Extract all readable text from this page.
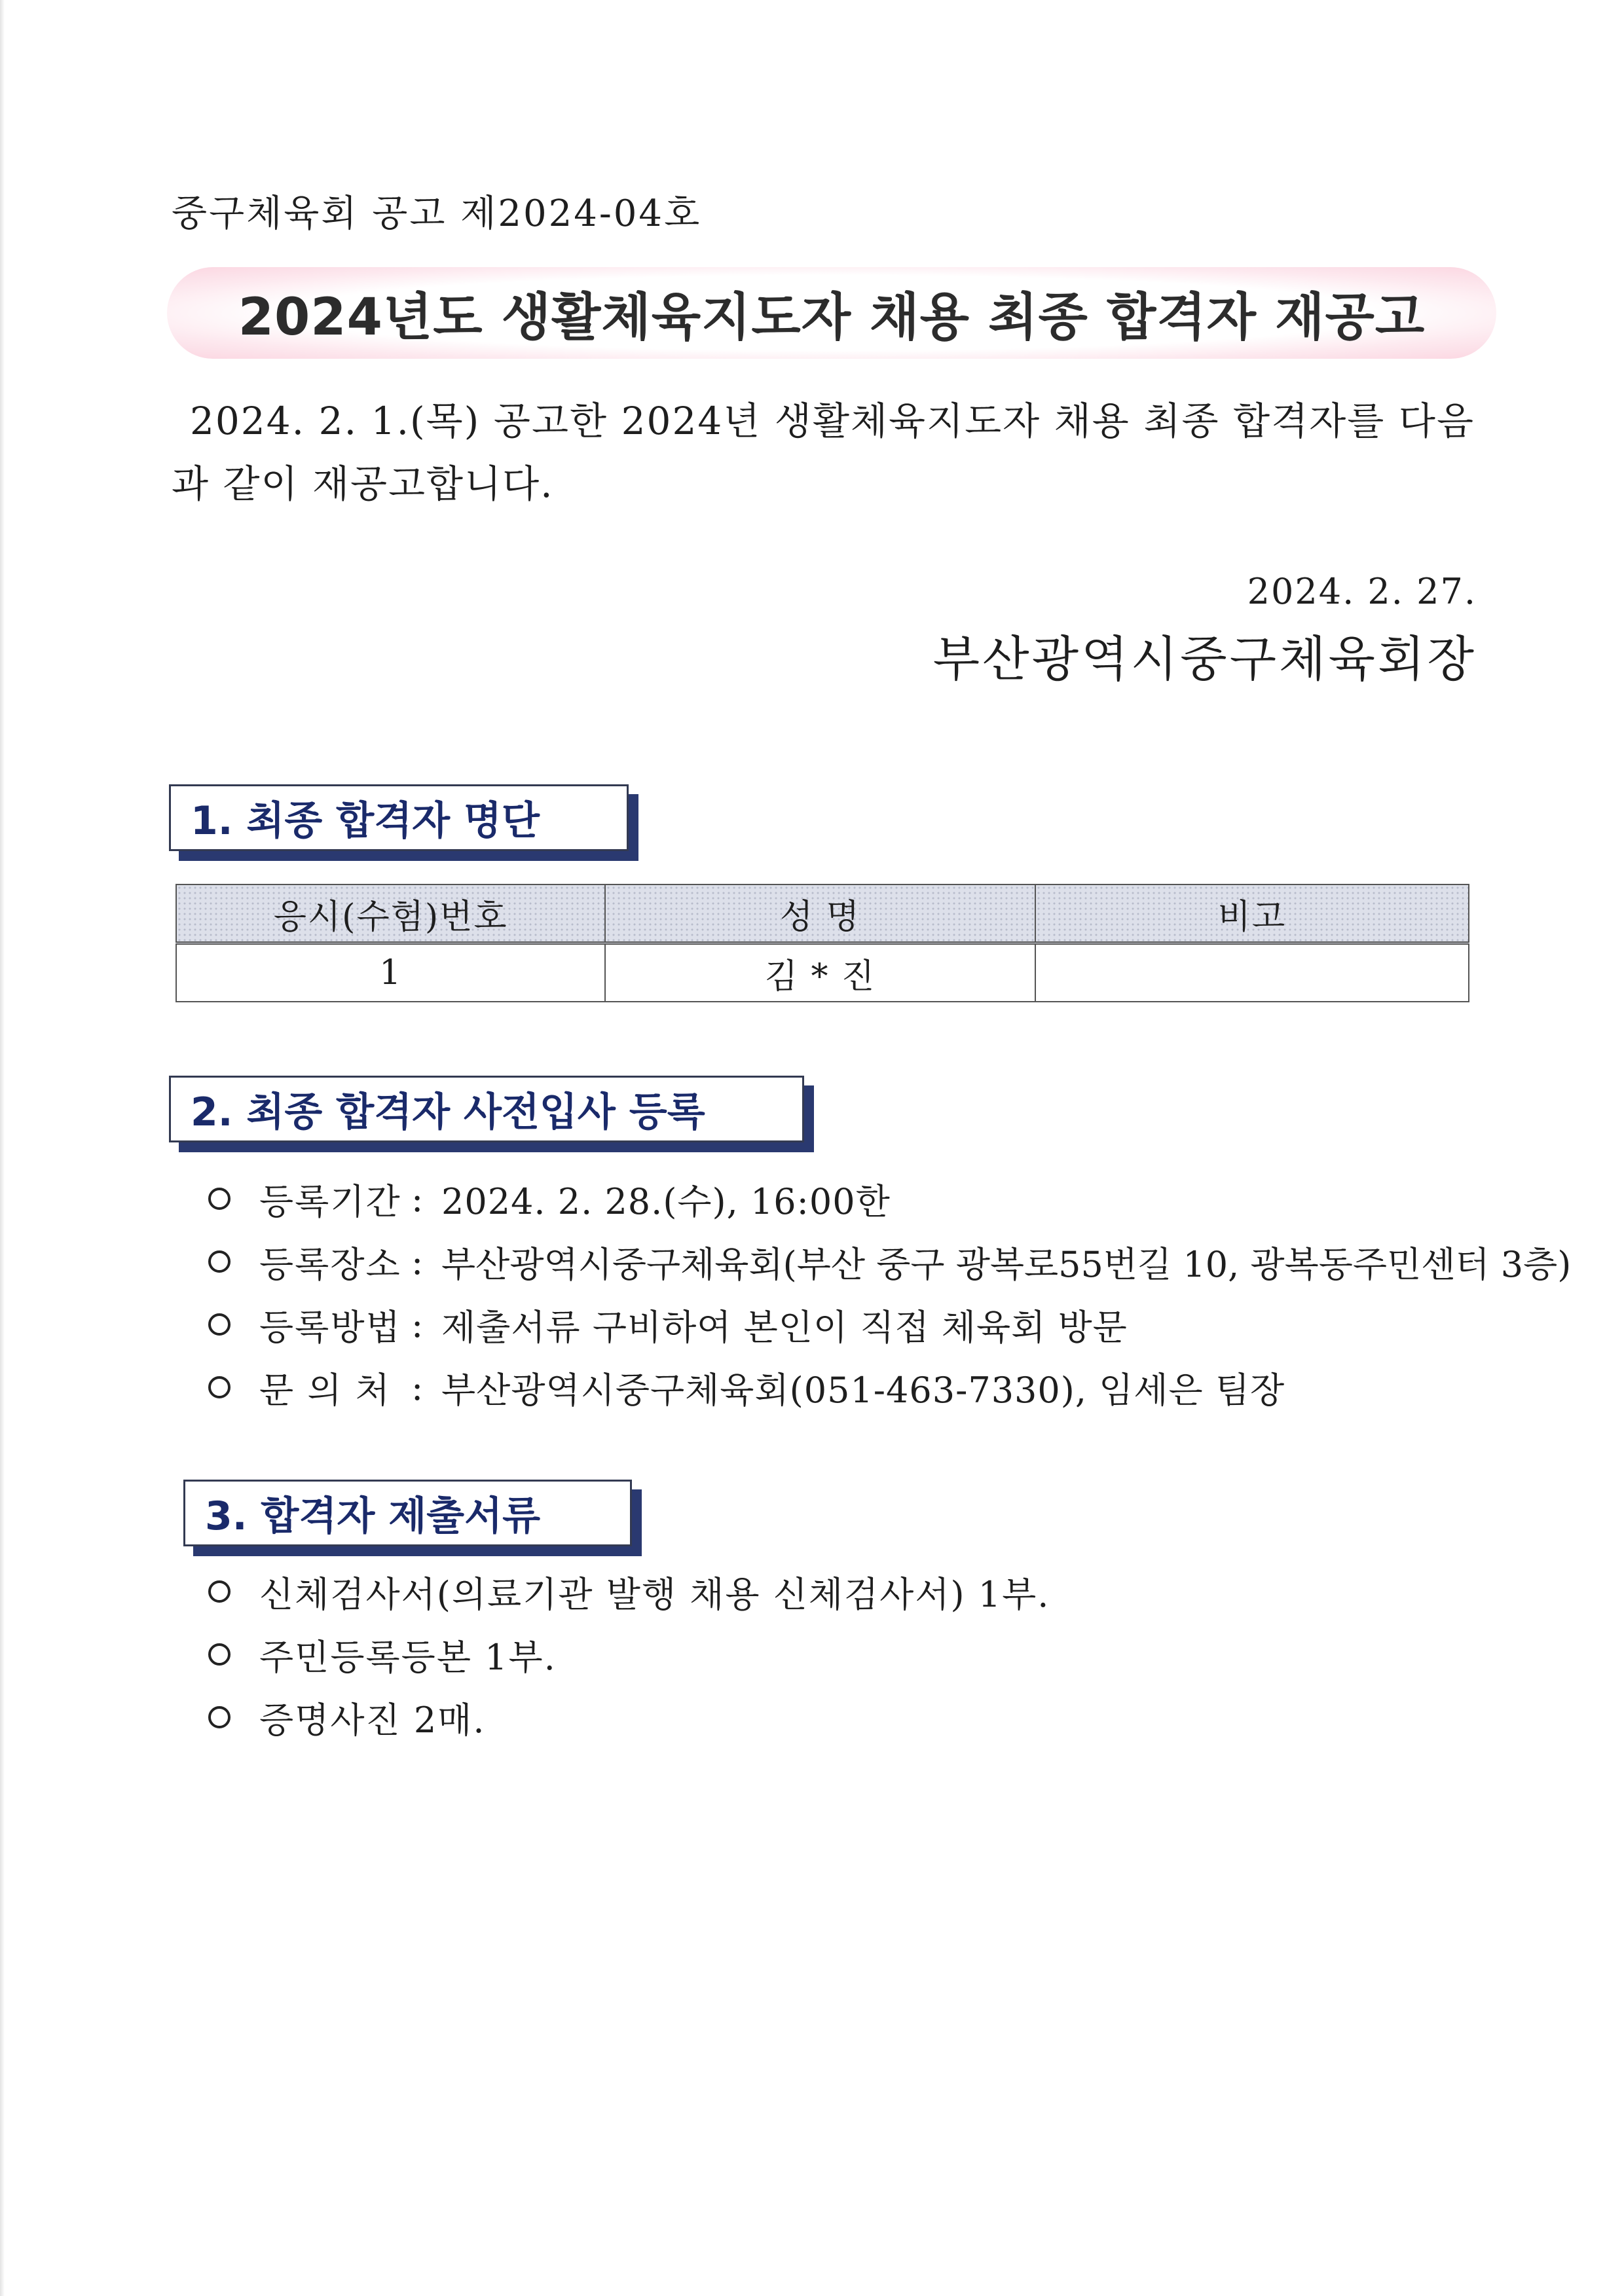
중구체육회 공고 제2024-04호
2024년도 생활체육지도자 채용 최종 합격자 재공고
2024. 2. 1.(목) 공고한 2024년 생활체육지도자 채용 최종 합격자를 다음과 같이 재공고합니다.
2024. 2. 27.
부산광역시중구체육회장
1. 최종 합격자 명단
응시(수험)번호	성 명	비고
1	김 * 진	
2. 최종 합격자 사전입사 등록
등록기간 : 2024. 2. 28.(수), 16:00한
등록장소 : 부산광역시중구체육회(부산 중구 광복로55번길 10, 광복동주민센터 3층)
등록방법 : 제출서류 구비하여 본인이 직접 체육회 방문
문 의 처 : 부산광역시중구체육회(051-463-7330), 임세은 팀장
3. 합격자 제출서류
신체검사서(의료기관 발행 채용 신체검사서) 1부.
주민등록등본 1부.
증명사진 2매.
